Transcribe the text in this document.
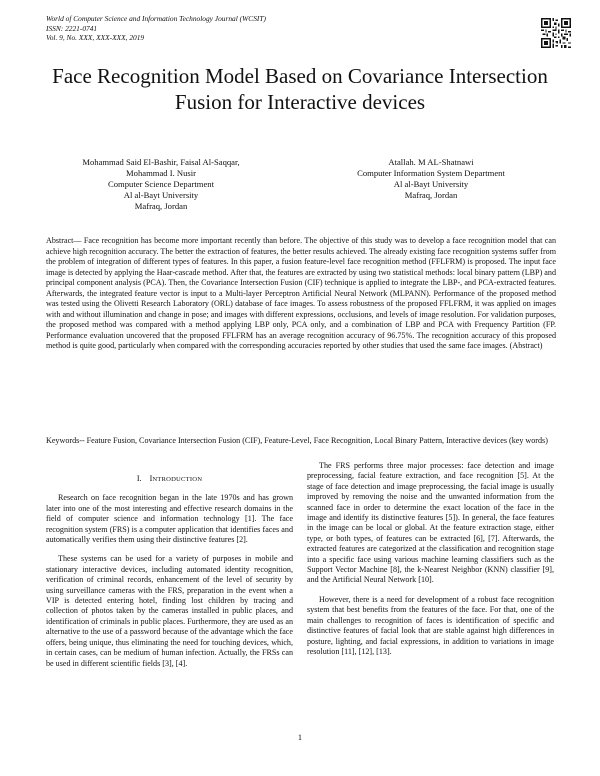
World of Computer Science and Information Technology Journal (WCSIT)
ISSN: 2221-0741
Vol. 9, No. XXX, XXX-XXX, 2019
Face Recognition Model Based on Covariance Intersection Fusion for Interactive devices
Mohammad Said El-Bashir, Faisal Al-Saqqar,
Mohammad I. Nusir
Computer Science Department
Al al-Bayt University
Mafraq, Jordan
Atallah. M AL-Shatnawi
Computer Information System Department
Al al-Bayt University
Mafraq, Jordan
Abstract— Face recognition has become more important recently than before. The objective of this study was to develop a face recognition model that can achieve high recognition accuracy. The better the extraction of features, the better results achieved. The already existing face recognition systems suffer from the problem of integration of different types of features. In this paper, a fusion feature-level face recognition method (FFLFRM) is proposed. The input face image is detected by applying the Haar-cascade method. After that, the features are extracted by using two statistical methods: local binary pattern (LBP) and principal component analysis (PCA). Then, the Covariance Intersection Fusion (CIF) technique is applied to integrate the LBP-, and PCA-extracted features. Afterwards, the integrated feature vector is input to a Multi-layer Perceptron Artificial Neural Network (MLPANN). Performance of the proposed method was tested using the Olivetti Research Laboratory (ORL) database of face images. To assess robustness of the proposed FFLFRM, it was applied on images with and without illumination and change in pose; and images with different expressions, occlusions, and levels of image resolution. For validation purposes, the proposed method was compared with a method applying LBP only, PCA only, and a combination of LBP and PCA with Frequency Partition (FP. Performance evaluation uncovered that the proposed FFLFRM has an average recognition accuracy of 96.75%. The recognition accuracy of this proposed method is quite good, particularly when compared with the corresponding accuracies reported by other studies that used the same face images. (Abstract)
Keywords-- Feature Fusion, Covariance Intersection Fusion (CIF), Feature-Level, Face Recognition, Local Binary Pattern, Interactive devices (key words)
I. INTRODUCTION

Research on face recognition began in the late 1970s and has grown later into one of the most interesting and effective research domains in the field of computer science and information technology [1]. The face recognition system (FRS) is a computer application that identifies faces and automatically verifies them using their distinctive features [2].

These systems can be used for a variety of purposes in mobile and stationary interactive devices, including automated identity recognition, verification of criminal records, enhancement of the level of security by using surveillance cameras with the FRS, preparation in the event when a VIP is detected entering hotel, finding lost children by tracing and collection of photos taken by the cameras installed in public places, and identification of criminals in public places. Furthermore, they are used as an alternative to the use of a password because of the advantage which the face offers, being unique, thus eliminating the need for touching devices, which, in certain cases, can be medium of human infection. Actually, the FRSs can be used in different scientific fields [3], [4].

The FRS performs three major processes: face detection and image preprocessing, facial feature extraction, and face recognition [5]. At the stage of face detection and image preprocessing, the facial image is usually improved by removing the noise and the unwanted information from the scanned face in order to determine the exact location of the face in the image and identify its distinctive features [5]). In general, the face features in the image can be local or global. At the feature extraction stage, either type, or both types, of features can be extracted [6], [7]. Afterwards, the extracted features are categorized at the classification and recognition stage into a specific face using various machine learning classifiers such as the Support Vector Machine [8], the k-Nearest Neighbor (KNN) classifier [9], and the Artificial Neural Network [10].

However, there is a need for development of a robust face recognition system that best benefits from the features of the face. For that, one of the main challenges to recognition of faces is identification of specific and distinctive features of facial look that are stable against high differences in posture, lighting, and facial expressions, in addition to variations in image resolution [11], [12], [13].

1
